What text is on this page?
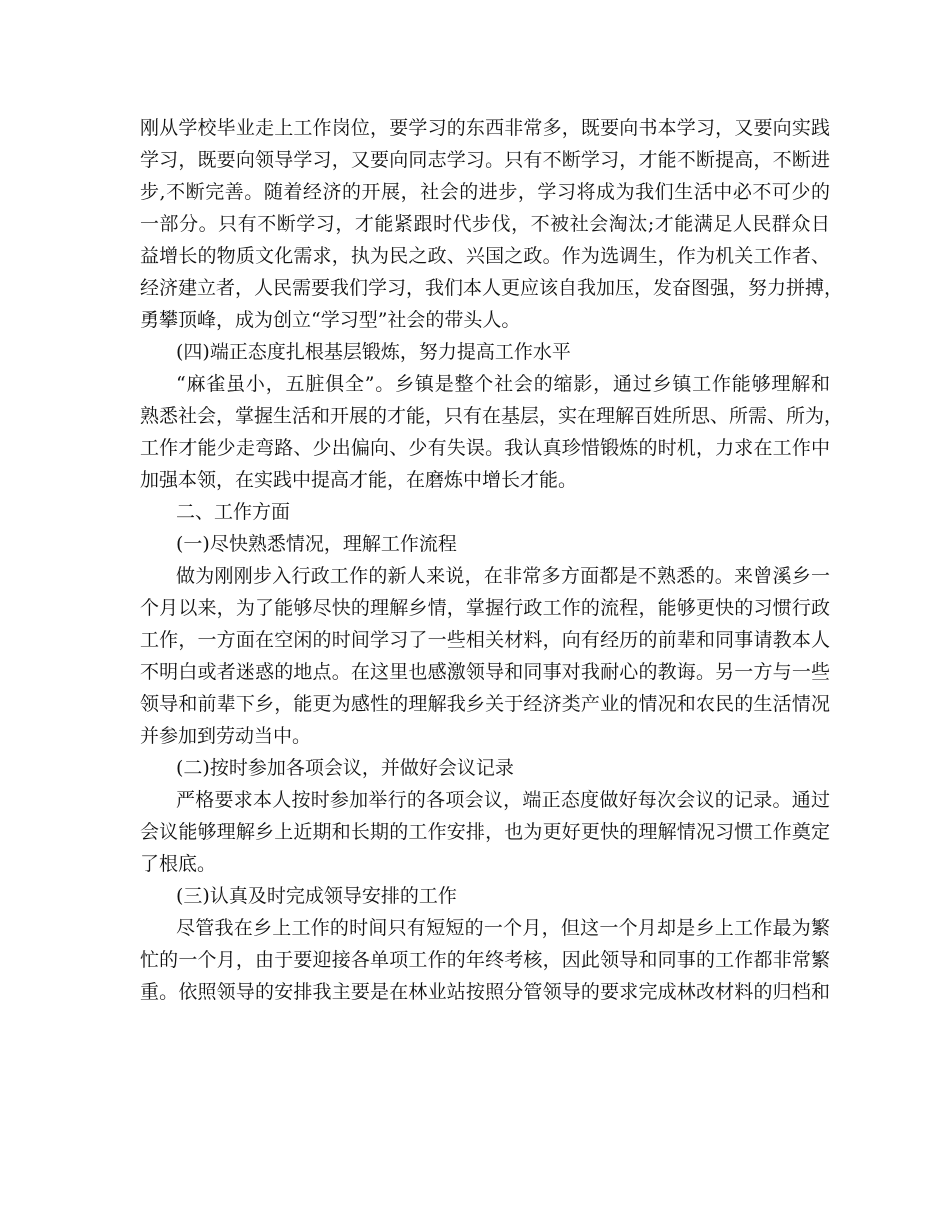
刚从学校毕业走上工作岗位，要学习的东西非常多，既要向书本学习，又要向实践
学习，既要向领导学习，又要向同志学习。只有不断学习，才能不断提高，不断进
步,不断完善。随着经济的开展，社会的进步，学习将成为我们生活中必不可少的
一部分。只有不断学习，才能紧跟时代步伐，不被社会淘汰;才能满足人民群众日
益增长的物质文化需求，执为民之政、兴国之政。作为选调生，作为机关工作者、
经济建立者，人民需要我们学习，我们本人更应该自我加压，发奋图强，努力拼搏，
勇攀顶峰，成为创立“学习型”社会的带头人。
(四)端正态度扎根基层锻炼，努力提高工作水平
“麻雀虽小，五脏俱全”。乡镇是整个社会的缩影，通过乡镇工作能够理解和
熟悉社会，掌握生活和开展的才能，只有在基层，实在理解百姓所思、所需、所为，
工作才能少走弯路、少出偏向、少有失误。我认真珍惜锻炼的时机，力求在工作中
加强本领，在实践中提高才能，在磨炼中增长才能。
二、工作方面
(一)尽快熟悉情况，理解工作流程
做为刚刚步入行政工作的新人来说，在非常多方面都是不熟悉的。来曾溪乡一
个月以来，为了能够尽快的理解乡情，掌握行政工作的流程，能够更快的习惯行政
工作，一方面在空闲的时间学习了一些相关材料，向有经历的前辈和同事请教本人
不明白或者迷惑的地点。在这里也感激领导和同事对我耐心的教诲。另一方与一些
领导和前辈下乡，能更为感性的理解我乡关于经济类产业的情况和农民的生活情况
并参加到劳动当中。
(二)按时参加各项会议，并做好会议记录
严格要求本人按时参加举行的各项会议，端正态度做好每次会议的记录。通过
会议能够理解乡上近期和长期的工作安排，也为更好更快的理解情况习惯工作奠定
了根底。
(三)认真及时完成领导安排的工作
尽管我在乡上工作的时间只有短短的一个月，但这一个月却是乡上工作最为繁
忙的一个月，由于要迎接各单项工作的年终考核，因此领导和同事的工作都非常繁
重。依照领导的安排我主要是在林业站按照分管领导的要求完成林改材料的归档和
